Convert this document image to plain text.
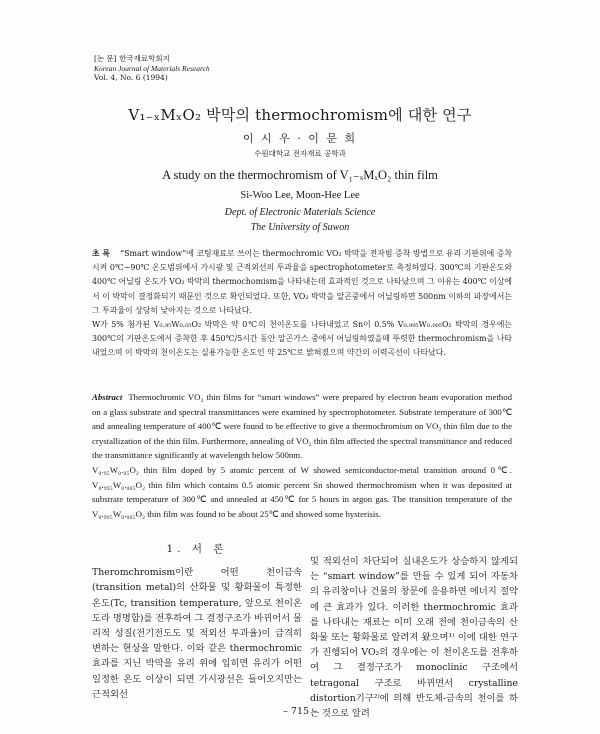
[논 문] 한국재료학회지
Korean Journal of Materials Research
Vol. 4, No. 6 (1994)
V₁₋ₓMₓO₂ 박막의 thermochromism에 대한 연구
이 시 우 · 이 문 희
수원대학교 전자재료 공학과
A study on the thermochromism of V₁₋ₓMₓO₂ thin film
Si-Woo Lee, Moon-Hee Lee
Dept. of Electronic Materials Science
The University of Suwon

초 록 “Smart window”에 코팅재료로 쓰이는 thermochromic VO₂ 박막을 전자빔 증착 방법으로 유리 기판위에 증착시켜 0℃~90℃ 온도범위에서 가시광 및 근적외선의 투과율을 spectrophotometer로 측정하였다. 300℃의 기판온도와 400℃ 어닐링 온도가 VO₂ 박막의 thermochomism을 나타내는데 효과적인 것으로 나타났으며 그 이유는 400℃ 이상에서 이 박막이 결정화되기 때문인 것으로 확인되었다. 또한, VO₂ 박막을 알곤중에서 어닐링하면 500nm 이하의 파장에서는 그 투과율이 상당히 낮아지는 것으로 나타났다.

W가 5% 첨가된 V₀.₉₅W₀.₀₅O₂ 박막은 약 0℃의 천이온도를 나타내었고 Sn이 0.5% V₀.₉₉₅W₀.₀₀₅O₂ 박막의 경우에는 300℃의 기판온도에서 증착한 후 450℃/5시간 동안 알곤가스 중에서 어닐링하였을때 뚜렷한 thermochromism을 나타내었으며 이 박막의 천이온도는 실용가능한 온도인 약 25℃로 밝혀졌으며 약간의 이력곡선이 나타났다.

Abstract Thermochromic VO₂ thin films for “smart windows” were prepared by electron beam evaporation method on a glass substrate and spectral transmittances were examined by spectrophotometer. Substrate temperature of 300℃ and annealing temperature of 400℃ were found to be effective to give a thermochromism on VO₂ thin film due to the crystallization of the thin film. Furthermore, annealing of VO₂ thin film affected the spectral transmittance and reduced the transmittance significantly at wavelength below 500nm.

V₀.₉₅W₀.₀₅O₂ thin film doped by 5 atomic percent of W showed semiconductor-metal transition around 0℃. V₀.₉₉₅W₀.₀₀₅O₂ thin film which contains 0.5 atomic percent Sn showed thermochromism when it was deposited at substrate temperature of 300℃ and annealed at 450℃ for 5 hours in argon gas. The transition temperature of the V₀.₉₉₅W₀.₀₀₅O₂ thin film was found to be about 25℃ and showed some hysterisis.

1. 서 론

Theromchromism이란 어떤 천이금속(transition metal)의 산화물 및 황화물이 특정한 온도(Tc, transition temperature, 앞으로 천이온도라 명명함)를 전후하여 그 결정구조가 바뀌어서 물리적 성질(전기전도도 및 적외선 투과율)이 급격히 변하는 현상을 말한다. 이와 같은 thermochromic 효과를 지닌 박막을 유리 위에 입히면 유리가 어떤 일정한 온도 이상이 되면 가시광선은 들어오지만는 근적외선

및 적외선이 차단되어 실내온도가 상승하지 않게되는 “smart window”를 만들 수 있게 되어 자동차의 유리창이나 건물의 창문에 응용하면 에너지 절약에 큰 효과가 있다. 이러한 thermochromic 효과를 나타내는 재료는 이미 오래 전에 천이금속의 산화물 또는 황화물로 알려져 왔으며¹⁾ 이에 대한 연구가 진행되어 VO₂의 경우에는 이 천이온도를 전후하여 그 결정구조가 monoclinic 구조에서 tetragonal 구조로 바뀌면서 crystalline distortion기구²⁾에 의해 반도체-금속의 천이를 하는 것으로 알려

– 715 –
